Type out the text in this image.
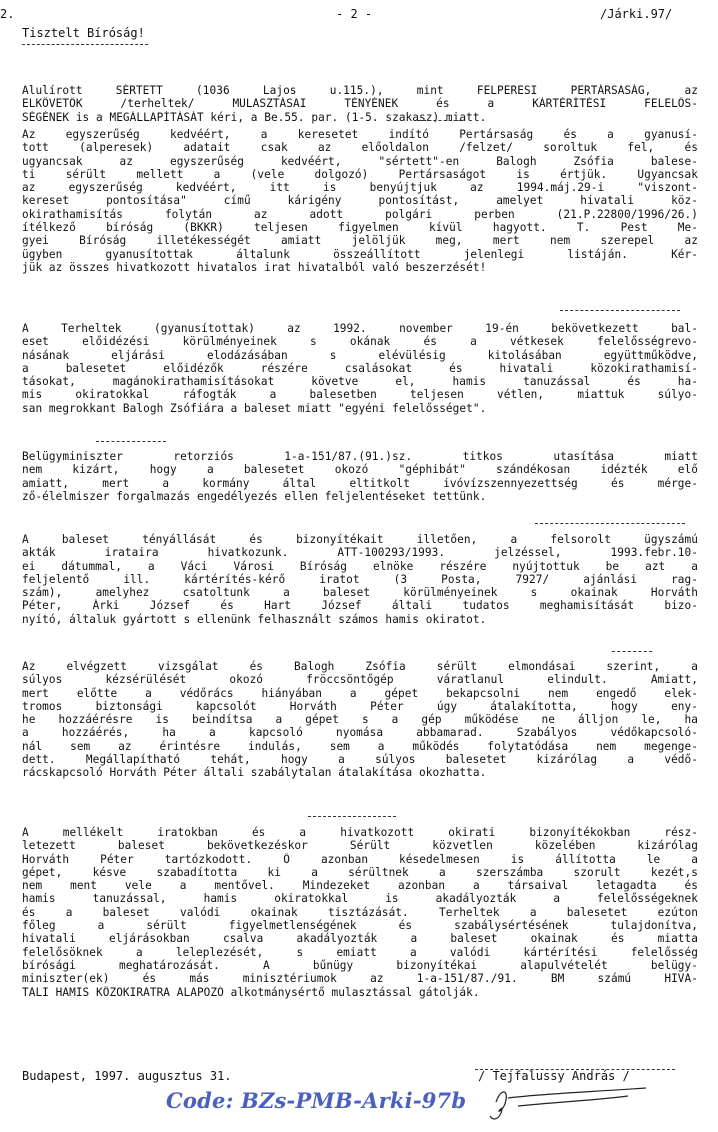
2.	- 2 -	/Járki.97/
Tisztelt Bíróság!
Alulírott SÉRTETT (1036 Lajos u.115.), mint FELPERESI PERTÁRSASÁG, az
ELKÖVETŐK /terheltek/ MULASZTÁSAI TÉNYÉNEK és a KÁRTÉRÍTÉSI FELELŐS-
SÉGÉNEK is a MEGÁLLAPÍTÁSÁT kéri, a Be.55. par. (1-5. szakasz) miatt.
Az egyszerűség kedvéért, a keresetet indító Pertársaság és a gyanusí-
tott (alperesek) adatait csak az előoldalon /felzet/ soroltuk fel, és
ugyancsak az egyszerűség kedvéért, "sértett"-en Balogh Zsófia balese-
ti sérült mellett a (vele dolgozó) Pertársaságot is értjük. Ugyancsak
az egyszerűség kedvéért, itt is benyújtjuk az 1994.máj.29-i "viszont-
kereset pontosítása" című kárigény pontosítást, amelyet hivatali köz-
okirathamisítás folytán az adott polgári perben (21.P.22800/1996/26.)
ítélkező bíróság (BKKR) teljesen figyelmen kívül hagyott. T. Pest Me-
gyei Bíróság illetékességét amiatt jelöljük meg, mert nem szerepel az
ügyben gyanusítottak általunk összeállított jelenlegi listáján. Kér-
jük az összes hivatkozott hivatalos irat hivatalból való beszerzését!
A Terheltek (gyanusítottak) az 1992. november 19-én bekövetkezett bal-
eset előidézési körülményeinek s okának és a vétkesek felelősségrevo-
násának eljárási elodázásában s elévülésig kitolásában együttműködve,
a balesetet előidézők részére csalásokat és hivatali közokirathamisí-
tásokat, magánokirathamisításokat követve el, hamis tanuzással és ha-
mis okiratokkal ráfogták a balesetben teljesen vétlen, miattuk súlyo-
san megrokkant Balogh Zsófiára a baleset miatt "egyéni felelősséget".
Belügyminiszter retorziós 1-a-151/87.(91.)sz. titkos utasítása miatt
nem kizárt, hogy a balesetet okozó "géphibát" szándékosan idézték elő
amiatt, mert a kormány által eltitkolt ivóvízszennyezettség és mérge-
ző-élelmiszer forgalmazás engedélyezés ellen feljelentéseket tettünk.
A baleset tényállását és bizonyítékait illetően, a felsorolt ügyszámú
akták irataira hivatkozunk. ATT-100293/1993. jelzéssel, 1993.febr.10-
ei dátummal, a Váci Városi Bíróság elnöke részére nyújtottuk be azt a
feljelentő ill. kártérítés-kérő iratot (3 Posta, 7927/ ajánlási rag-
szám), amelyhez csatoltunk a baleset körülményeinek s okainak Horváth
Péter, Árki József és Hart József általi tudatos meghamisítását bizo-
nyító, általuk gyártott s ellenünk felhasznált számos hamis okiratot.
Az elvégzett vizsgálat és Balogh Zsófia sérült elmondásai szerint, a
súlyos kézsérülését okozó fröccsöntőgép váratlanul elindult. Amiatt,
mert előtte a védőrács hiányában a gépet bekapcsolni nem engedő elek-
tromos biztonsági kapcsolót Horváth Péter úgy átalakította, hogy eny-
he hozzáérésre is beindítsa a gépet s a gép működése ne álljon le, ha
a hozzáérés, ha a kapcsoló nyomása abbamarad. Szabályos védőkapcsoló-
nál sem az érintésre indulás, sem a működés folytatódása nem megenge-
dett. Megállapítható tehát, hogy a súlyos balesetet kizárólag a védő-
rácskapcsoló Horváth Péter általi szabálytalan átalakítása okozhatta.
A mellékelt iratokban és a hivatkozott okirati bizonyítékokban rész-
letezett baleset bekövetkezéskor Sérült közvetlen közelében kizárólag
Horváth Péter tartózkodott. Ő azonban késedelmesen is állította le a
gépet, késve szabadította ki a sérültnek a szerszámba szorult kezét,s
nem ment vele a mentővel. Mindezeket azonban a társaival letagadta és
hamis tanuzással, hamis okiratokkal is akadályozták a felelősségeknek
és a baleset valódi okainak tisztázását. Terheltek a balesetet ezúton
főleg a sérült figyelmetlenségének és szabálysértésének tulajdonítva,
hivatali eljárásokban csalva akadályozták a baleset okainak és miatta
felelősöknek a leleplezését, s emiatt a valódi kártérítési felelősség
bírósági meghatározását. A bűnügy bizonyítékai alapulvételét belügy-
miniszter(ek) és más minisztériumok az 1-a-151/87./91. BM számú HIVA-
TALI HAMIS KÖZOKIRATRA ALAPOZÓ alkotmánysértő mulasztással gátolják.
Budapest, 1997. augusztus 31.	/ Tejfalussy András /
Code: BZs-PMB-Arki-97b
